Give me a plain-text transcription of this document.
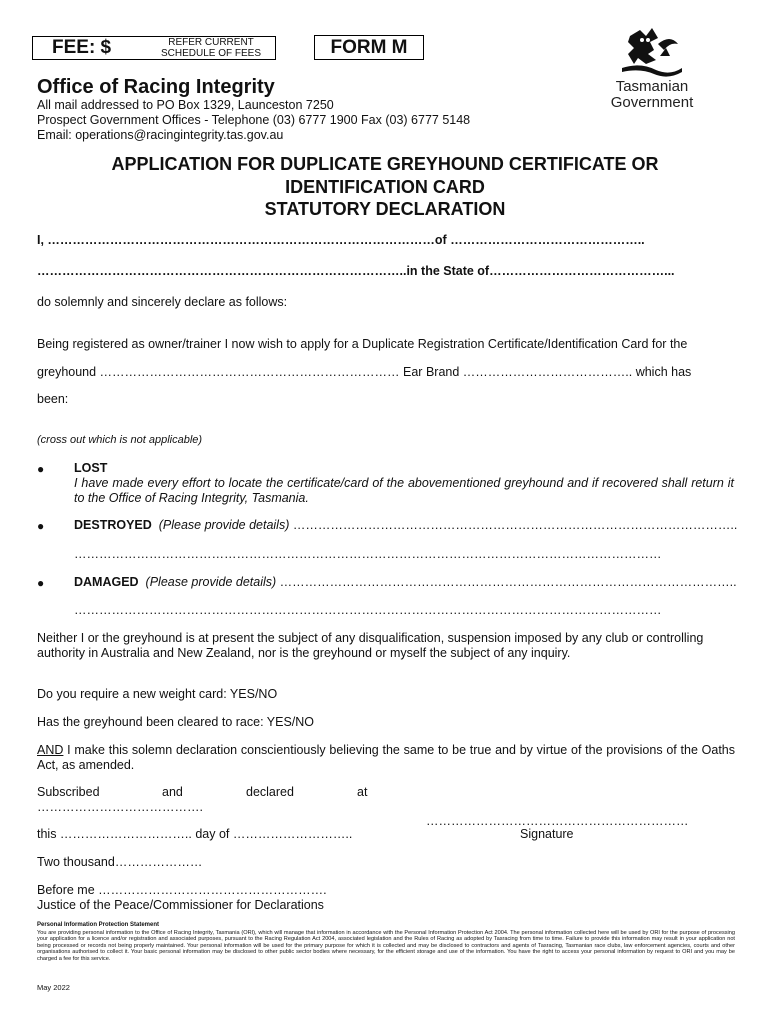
FEE: $	REFER CURRENT
SCHEDULE OF FEES	FORM M
Tasmanian
Government
Office of Racing Integrity
All mail addressed to PO Box 1329, Launceston 7250
Prospect Government Offices - Telephone (03) 6777 1900 Fax (03) 6777 5148
Email: operations@racingintegrity.tas.gov.au
APPLICATION FOR DUPLICATE GREYHOUND CERTIFICATE OR
IDENTIFICATION CARD
STATUTORY DECLARATION
I, …………………………………………………………………………………of ………………………………………..
……………………………………………………………………………..in the State of……………………………………...
do solemnly and sincerely declare as follows:
Being registered as owner/trainer I now wish to apply for a Duplicate Registration Certificate/Identification Card for the
greyhound ……………………………………………………………… Ear Brand ………………………………….. which has
been:
(cross out which is not applicable)
● LOST
I have made every effort to locate the certificate/card of the abovementioned greyhound and if recovered shall return it to the Office of Racing Integrity, Tasmania.
● DESTROYED (Please provide details) ……………………………………………………………………………………………..
……………………………………………………………………………………………………………………………
● DAMAGED (Please provide details) ………………………………………………………………………………………………..
……………………………………………………………………………………………………………………………
Neither I or the greyhound is at present the subject of any disqualification, suspension imposed by any club or controlling authority in Australia and New Zealand, nor is the greyhound or myself the subject of any inquiry.
Do you require a new weight card: YES/NO
Has the greyhound been cleared to race: YES/NO
AND I make this solemn declaration conscientiously believing the same to be true and by virtue of the provisions of the Oaths Act, as amended.
Subscribed	and	declared	at
………………………………….
………………………………………………………
this ………………………….. day of ………………………..	Signature
Two thousand…………………
Before me ……………………………………………….
Justice of the Peace/Commissioner for Declarations
Personal Information Protection Statement
You are providing personal information to the Office of Racing Integrity, Tasmania (ORI), which will manage that information in accordance with the Personal Information Protection Act 2004. The personal information collected here will be used by ORI for the purpose of processing your application for a licence and/or registration and associated purposes, pursuant to the Racing Regulation Act 2004, associated legislation and the Rules of Racing as adopted by Tasracing from time to time. Failure to provide this information may result in your application not being processed or records not being properly maintained. Your personal information will be used for the primary purpose for which it is collected and may be disclosed to contractors and agents of Tasracing, Tasmanian race clubs, law enforcement agencies, courts and other organisations authorised to collect it. Your basic personal information may be disclosed to other public sector bodies where necessary, for the efficient storage and use of the information. You have the right to access your personal information by request to ORI and you may be charged a fee for this service.
May 2022
